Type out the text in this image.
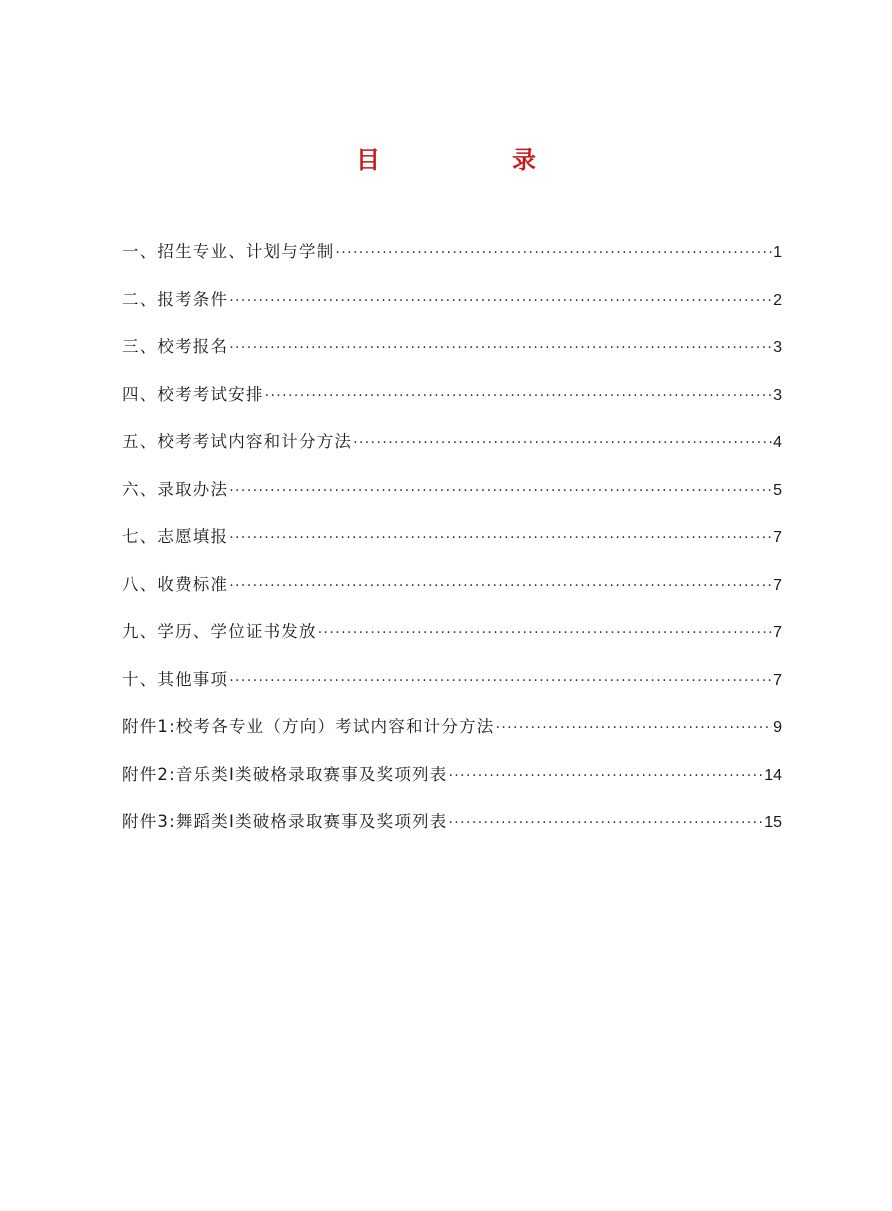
目　录
一、招生专业、计划与学制 ·····	1
二、报考条件 ·····	2
三、校考报名 ·····	3
四、校考考试安排 ·····	3
五、校考考试内容和计分方法 ·····	4
六、录取办法 ·····	5
七、志愿填报 ·····	7
八、收费标准 ·····	7
九、学历、学位证书发放 ·····	7
十、其他事项 ·····	7
附件1:校考各专业（方向）考试内容和计分方法 ·····	9
附件2:音乐类Ⅰ类破格录取赛事及奖项列表 ·····	14
附件3:舞蹈类Ⅰ类破格录取赛事及奖项列表 ·····	15
